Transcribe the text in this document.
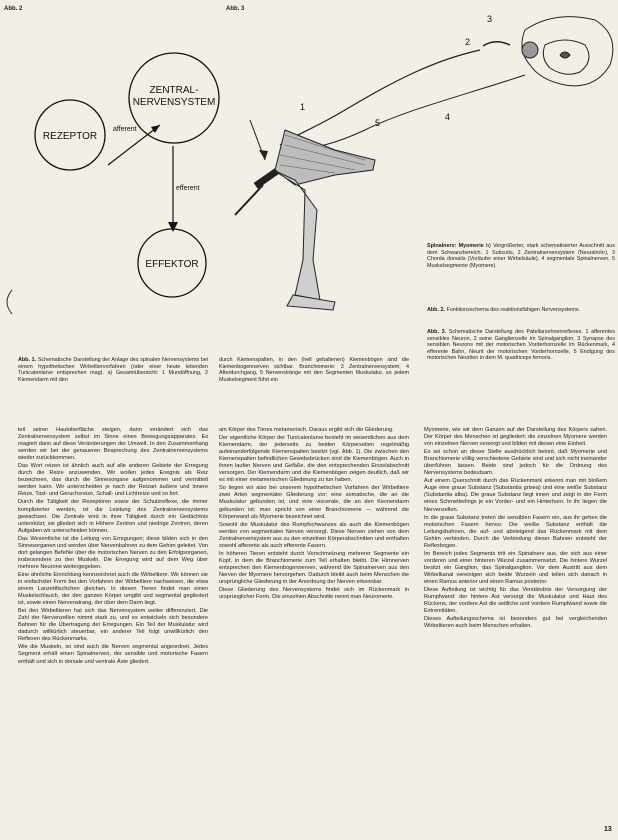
Abb. 2	Abb. 3
ZENTRAL-
NERVENSYSTEM
REZEPTOR
EFFEKTOR
afferent
efferent
1
2
3
4
5
Spinalnerv: Myomerie b) Vergrößerter, stark schematisierter Ausschnitt aus dem Schwanzbereich. 1 Subcutis, 2 Zentralnervensystem (Neuralrohr), 3 Chorda dorsalis (Vorläufer einer Wirbelsäule), 4 segmentale Spinalnerven, 5 Muskelsegmente (Myomere).
Abb. 2. Funktionsschema des reaktionsfähigen Nervensystems.
Abb. 3. Schematische Darstellung des Patellarsehnenreflexes. 1 afferentes sensibles Neuron, 2 seine Ganglienzelle im Spinalganglion, 3 Synapse des sensiblen Neurons mit der motorischen Vorderhornzelle im Rückenmark, 4 efferente Bahn, Neurit der motorischen Vorderhornzelle, 5 Endigung des motorischen Neuriten in dem M. quadriceps femoris.
Abb. 1. Schematische Darstellung der Anlage des spinalen Nervensystems bei einem hypothetischen Wirbeltiervorfahren (oder einer heute lebenden Tunicatenlarve entsprechen mag). a) Gesamtübersicht: 1 Mundöffnung, 2 Kiemendarm mit den
durch Kiemenspalten, in den (hell gehaltenen) Kiemenbögen sind die Kiemenbogennerven sichtbar. Branchiomerie: 3 Zentralnervensystem; 4 Afterdurchgang, 5 Nervenstränge mit den Segmenten Muskulatur, so jedem Muskelsegment führt ein

teil seiner Hautoberfläche steigen, dann verändert sich das Zentralnervensystem selbst im Sinne eines Bewegungsapparates. Es reagiert dann auf diese Veränderungen der Umwelt. In den Zusammenhang werden wir bei der genaueren Besprechung des Zentralnervensystems wieder zurückkommen.

Das Wort reizen ist ähnlich auch auf alle anderen Gebiete der Erregung durch die Reize anzuwenden. Wir wollen jedes Ereignis als Reiz bezeichnen, das durch die Sinnesorgane aufgenommen und vermittelt werden kann. Wir unterscheiden je nach der Reizart äußere und innere Reize, Tast- und Geruchsreize, Schall- und Lichtreize und so fort.

Durch die Tätigkeit der Rezeptoren sowie der Schutzreflexe, die immer komplizierter werden, ist die Leistung des Zentralnervensystems gewachsen. Die Zentrale wird in ihrer Tätigkeit durch ein Gedächtnis unterstützt; sie gliedert sich in Höhere Zentren und niedrige Zentren, deren Aufgaben wir unterscheiden können.

Das Wesentliche ist die Leitung von Erregungen; diese bilden sich in den Sinnesorganen und werden über Nervenbahnen zu dem Gehirn geleitet. Von dort gelangen Befehle über die motorischen Nerven zu den Erfolgsorganen, insbesondere zu den Muskeln. Die Erregung wird auf dem Weg über mehrere Neurone weitergegeben.

Eine ähnliche Einrichtung kennzeichnet auch die Wirbeltiere. Wir können sie in einfachster Form bei den Vorfahren der Wirbeltiere nachweisen, die etwa einem Lanzettfischchen gleichen. In diesen Tieren findet man einen Muskelschlauch, der den ganzen Körper umgibt und segmental gegliedert ist, sowie einen Nervenstrang, der über dem Darm liegt.

Bei den Wirbeltieren hat sich das Nervensystem weiter differenziert. Die Zahl der Nervenzellen nimmt stark zu, und es entwickeln sich besondere Bahnen für die Übertragung der Erregungen. Ein Teil der Muskulatur wird dadurch willkürlich steuerbar, ein anderer Teil folgt unwillkürlich den Reflexen des Rückenmarks.

Wie die Muskeln, so sind auch die Nerven segmental angeordnet. Jedes Segment erhält einen Spinalnerven, der sensible und motorische Fasern enthält und sich in dorsale und ventrale Äste gliedert.

am Körper des Tieres metamerisch. Daraus ergibt sich die Gliederung.

Der eigentliche Körper der Tunicatenlarve besteht im wesentlichen aus dem Kiemendarm, der jederseits zu beiden Körperseiten regelmäßig aufeinanderfolgende Kiemenspalten besitzt (vgl. Abb. 1). Die zwischen den Kiemenspalten befindlichen Gewebsbrücken sind die Kiemenbögen. Auch in ihnen laufen Nerven und Gefäße, die den entsprechenden Einzelabschnitt versorgen. Der Kiemendarm und die Kiemenbögen zeigen deutlich, daß wir es mit einer metamerischen Gliederung zu tun haben.

So liegen wir also bei unserem hypothetischen Vorfahren der Wirbeltiere zwei Arten segmentaler Gliederung vor: eine somatische, die an die Muskulatur gebunden ist, und eine viscerale, die an den Kiemendarm gebunden ist; man spricht von einer Branchiomerie — während die Körperwand als Myomerie bezeichnet wird.

Sowohl die Muskulatur des Rumpfschwanzes als auch die Kiemenbögen werden von segmentalen Nerven versorgt. Diese Nerven ziehen von dem Zentralnervensystem aus zu den einzelnen Körperabschnitten und enthalten sowohl afferente als auch efferente Fasern.

In höheren Tieren entsteht durch Verschmelzung mehrerer Segmente ein Kopf, in dem die Branchiomerie zum Teil erhalten bleibt. Die Hirnnerven entsprechen den Kiemenbogennerven, während die Spinalnerven aus den Nerven der Myomere hervorgehen. Dadurch bleibt auch beim Menschen die ursprüngliche Gliederung in der Anordnung der Nerven erkennbar.

Diese Gliederung des Nervensystems findet sich im Rückenmark in ursprünglicher Form. Die einzelnen Abschnitte nennt man Neuromerie.

Myomerie, wie wir dem Ganzen auf der Darstellung des Körpers sahen. Der Körper des Menschen ist gegliedert; die einzelnen Myomere werden von einzelnen Nerven versorgt und bilden mit diesen eine Einheit.

Es sei schon an dieser Stelle ausdrücklich betont, daß Myomerie und Branchiomerie völlig verschiedene Gebiete sind und sich nicht ineinander überführen lassen. Beide sind jedoch für die Ordnung des Nervensystems bedeutsam.

Auf einem Querschnitt durch das Rückenmark erkennt man mit bloßem Auge eine graue Substanz (Substantia grisea) und eine weiße Substanz (Substantia alba). Die graue Substanz liegt innen und zeigt in der Form eines Schmetterlings je ein Vorder- und ein Hinterhorn. In ihr liegen die Nervenzellen.

In die graue Substanz treten die sensiblen Fasern ein, aus ihr gehen die motorischen Fasern hervor. Die weiße Substanz enthält die Leitungsbahnen, die auf- und absteigend das Rückenmark mit dem Gehirn verbinden. Durch die Verbindung dieser Bahnen entsteht der Reflexbogen.

Im Bereich jedes Segments tritt ein Spinalnerv aus, der sich aus einer vorderen und einer hinteren Wurzel zusammensetzt. Die hintere Wurzel besitzt ein Ganglion, das Spinalganglion. Vor dem Austritt aus dem Wirbelkanal vereinigen sich beide Wurzeln und teilen sich danach in einen Ramus anterior und einen Ramus posterior.

Diese Aufteilung ist wichtig für das Verständnis der Versorgung der Rumpfwand: der hintere Ast versorgt die Muskulatur und Haut des Rückens, der vordere Ast die seitliche und vordere Rumpfwand sowie die Extremitäten.

Dieses Aufteilungsschema ist besonders gut bei vergleichenden Wirbeltieren auch beim Menschen erhalten.

13
